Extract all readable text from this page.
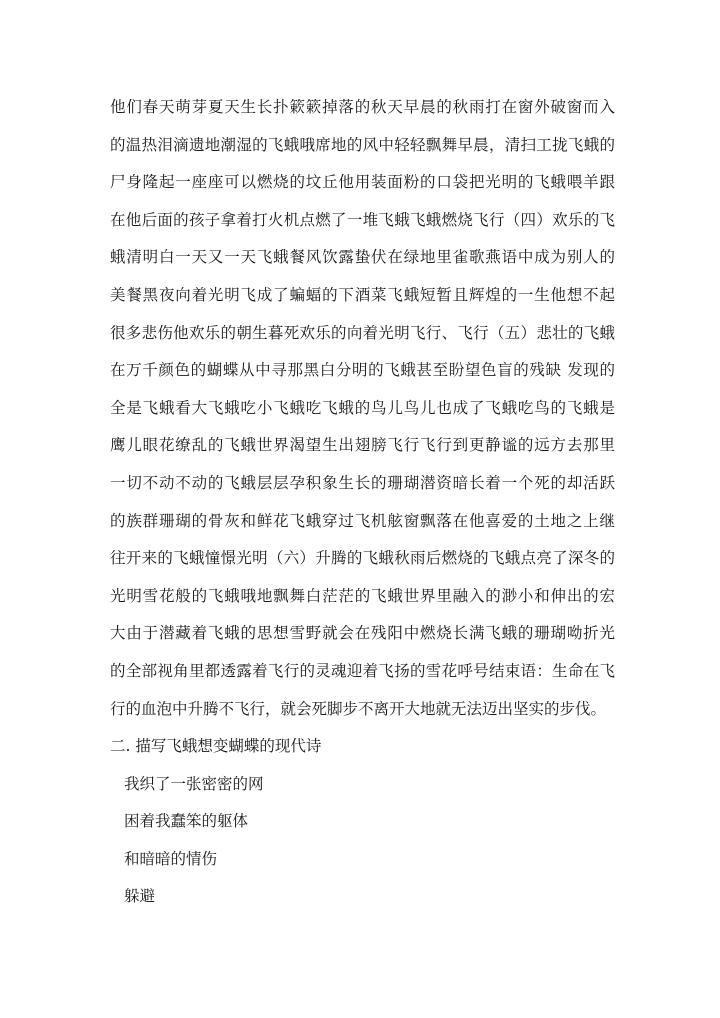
他们春天萌芽夏天生长扑簌簌掉落的秋天早晨的秋雨打在窗外破窗而入
的温热泪滴遗地潮湿的飞蛾哦席地的风中轻轻飘舞早晨，清扫工拢飞蛾的
尸身隆起一座座可以燃烧的坟丘他用装面粉的口袋把光明的飞蛾喂羊跟
在他后面的孩子拿着打火机点燃了一堆飞蛾飞蛾燃烧飞行（四）欢乐的飞
蛾清明白一天又一天飞蛾餐风饮露蛰伏在绿地里雀歌燕语中成为别人的
美餐黑夜向着光明飞成了蝙蝠的下酒菜飞蛾短暂且辉煌的一生他想不起
很多悲伤他欢乐的朝生暮死欢乐的向着光明飞行、飞行（五）悲壮的飞蛾
在万千颜色的蝴蝶从中寻那黑白分明的飞蛾甚至盼望色盲的残缺 发现的
全是飞蛾看大飞蛾吃小飞蛾吃飞蛾的鸟儿鸟儿也成了飞蛾吃鸟的飞蛾是
鹰儿眼花缭乱的飞蛾世界渴望生出翅膀飞行飞行到更静谧的远方去那里
一切不动不动的飞蛾层层孕积象生长的珊瑚潜资暗长着一个死的却活跃
的族群珊瑚的骨灰和鲜花飞蛾穿过飞机舷窗飘落在他喜爱的土地之上继
往开来的飞蛾憧憬光明（六）升腾的飞蛾秋雨后燃烧的飞蛾点亮了深冬的
光明雪花般的飞蛾哦地飘舞白茫茫的飞蛾世界里融入的渺小和伸出的宏
大由于潜藏着飞蛾的思想雪野就会在残阳中燃烧长满飞蛾的珊瑚呦折光
的全部视角里都透露着飞行的灵魂迎着飞扬的雪花呼号结束语：生命在飞
行的血泡中升腾不飞行，就会死脚步不离开大地就无法迈出坚实的步伐。
二. 描写飞蛾想变蝴蝶的现代诗
我织了一张密密的网
困着我蠢笨的躯体
和暗暗的情伤
躲避
